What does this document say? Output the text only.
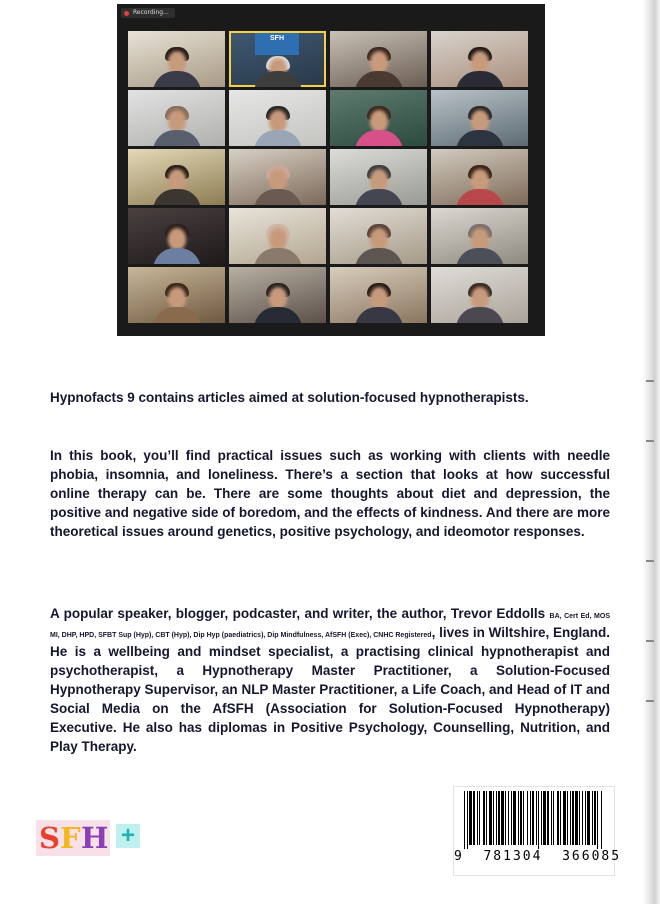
Recording...
SFH

Hypnofacts 9 contains articles aimed at solution-focused hypnotherapists.

In this book, you’ll find practical issues such as working with clients with needle phobia, insomnia, and loneliness. There’s a section that looks at how successful online therapy can be. There are some thoughts about diet and depression, the positive and negative side of boredom, and the effects of kindness. And there are more theoretical issues around genetics, positive psychology, and ideomotor responses.

A popular speaker, blogger, podcaster, and writer, the author, Trevor Eddolls BA, Cert Ed, MOS MI, DHP, HPD, SFBT Sup (Hyp), CBT (Hyp), Dip Hyp (paediatrics), Dip Mindfulness, AfSFH (Exec), CNHC Registered, lives in Wiltshire, England. He is a wellbeing and mindset specialist, a practising clinical hypnotherapist and psychotherapist, a Hypnotherapy Master Practitioner, a Solution-Focused Hypnotherapy Supervisor, an NLP Master Practitioner, a Life Coach, and Head of IT and Social Media on the AfSFH (Association for Solution-Focused Hypnotherapy) Executive. He also has diplomas in Positive Psychology, Counselling, Nutrition, and Play Therapy.

S F H +
9 781304 366085
